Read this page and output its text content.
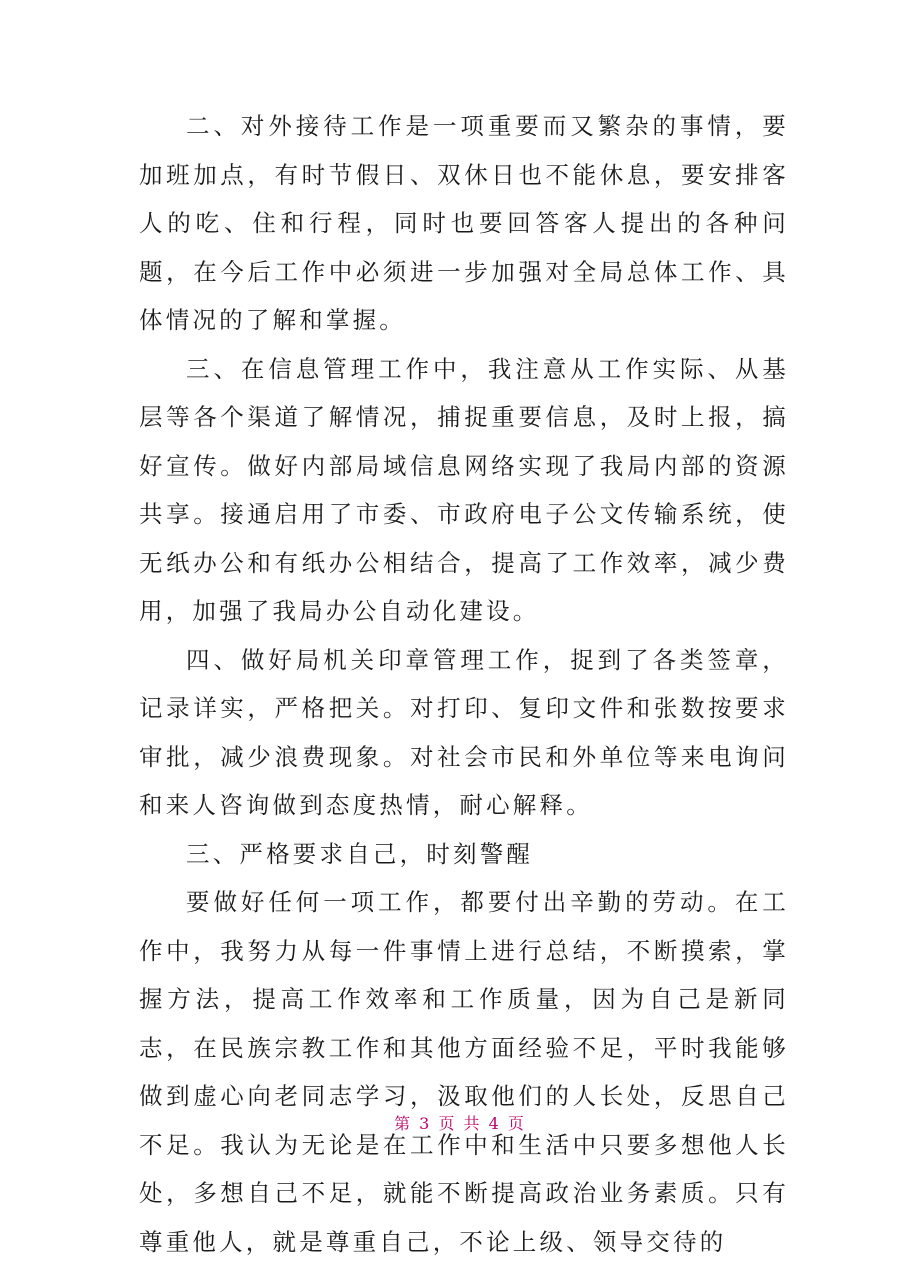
二、对外接待工作是一项重要而又繁杂的事情，要加班加点，有时节假日、双休日也不能休息，要安排客人的吃、住和行程，同时也要回答客人提出的各种问题，在今后工作中必须进一步加强对全局总体工作、具体情况的了解和掌握。

三、在信息管理工作中，我注意从工作实际、从基层等各个渠道了解情况，捕捉重要信息，及时上报，搞好宣传。做好内部局域信息网络实现了我局内部的资源共享。接通启用了市委、市政府电子公文传输系统，使无纸办公和有纸办公相结合，提高了工作效率，减少费用，加强了我局办公自动化建设。

四、做好局机关印章管理工作，捉到了各类签章，记录详实，严格把关。对打印、复印文件和张数按要求审批，减少浪费现象。对社会市民和外单位等来电询问和来人咨询做到态度热情，耐心解释。

三、严格要求自己，时刻警醒

要做好任何一项工作，都要付出辛勤的劳动。在工作中，我努力从每一件事情上进行总结，不断摸索，掌握方法，提高工作效率和工作质量，因为自己是新同志，在民族宗教工作和其他方面经验不足，平时我能够做到虚心向老同志学习，汲取他们的人长处，反思自己不足。我认为无论是在工作中和生活中只要多想他人长处，多想自己不足，就能不断提高政治业务素质。只有尊重他人，就是尊重自己，不论上级、领导交待的

第 3 页 共 4 页
